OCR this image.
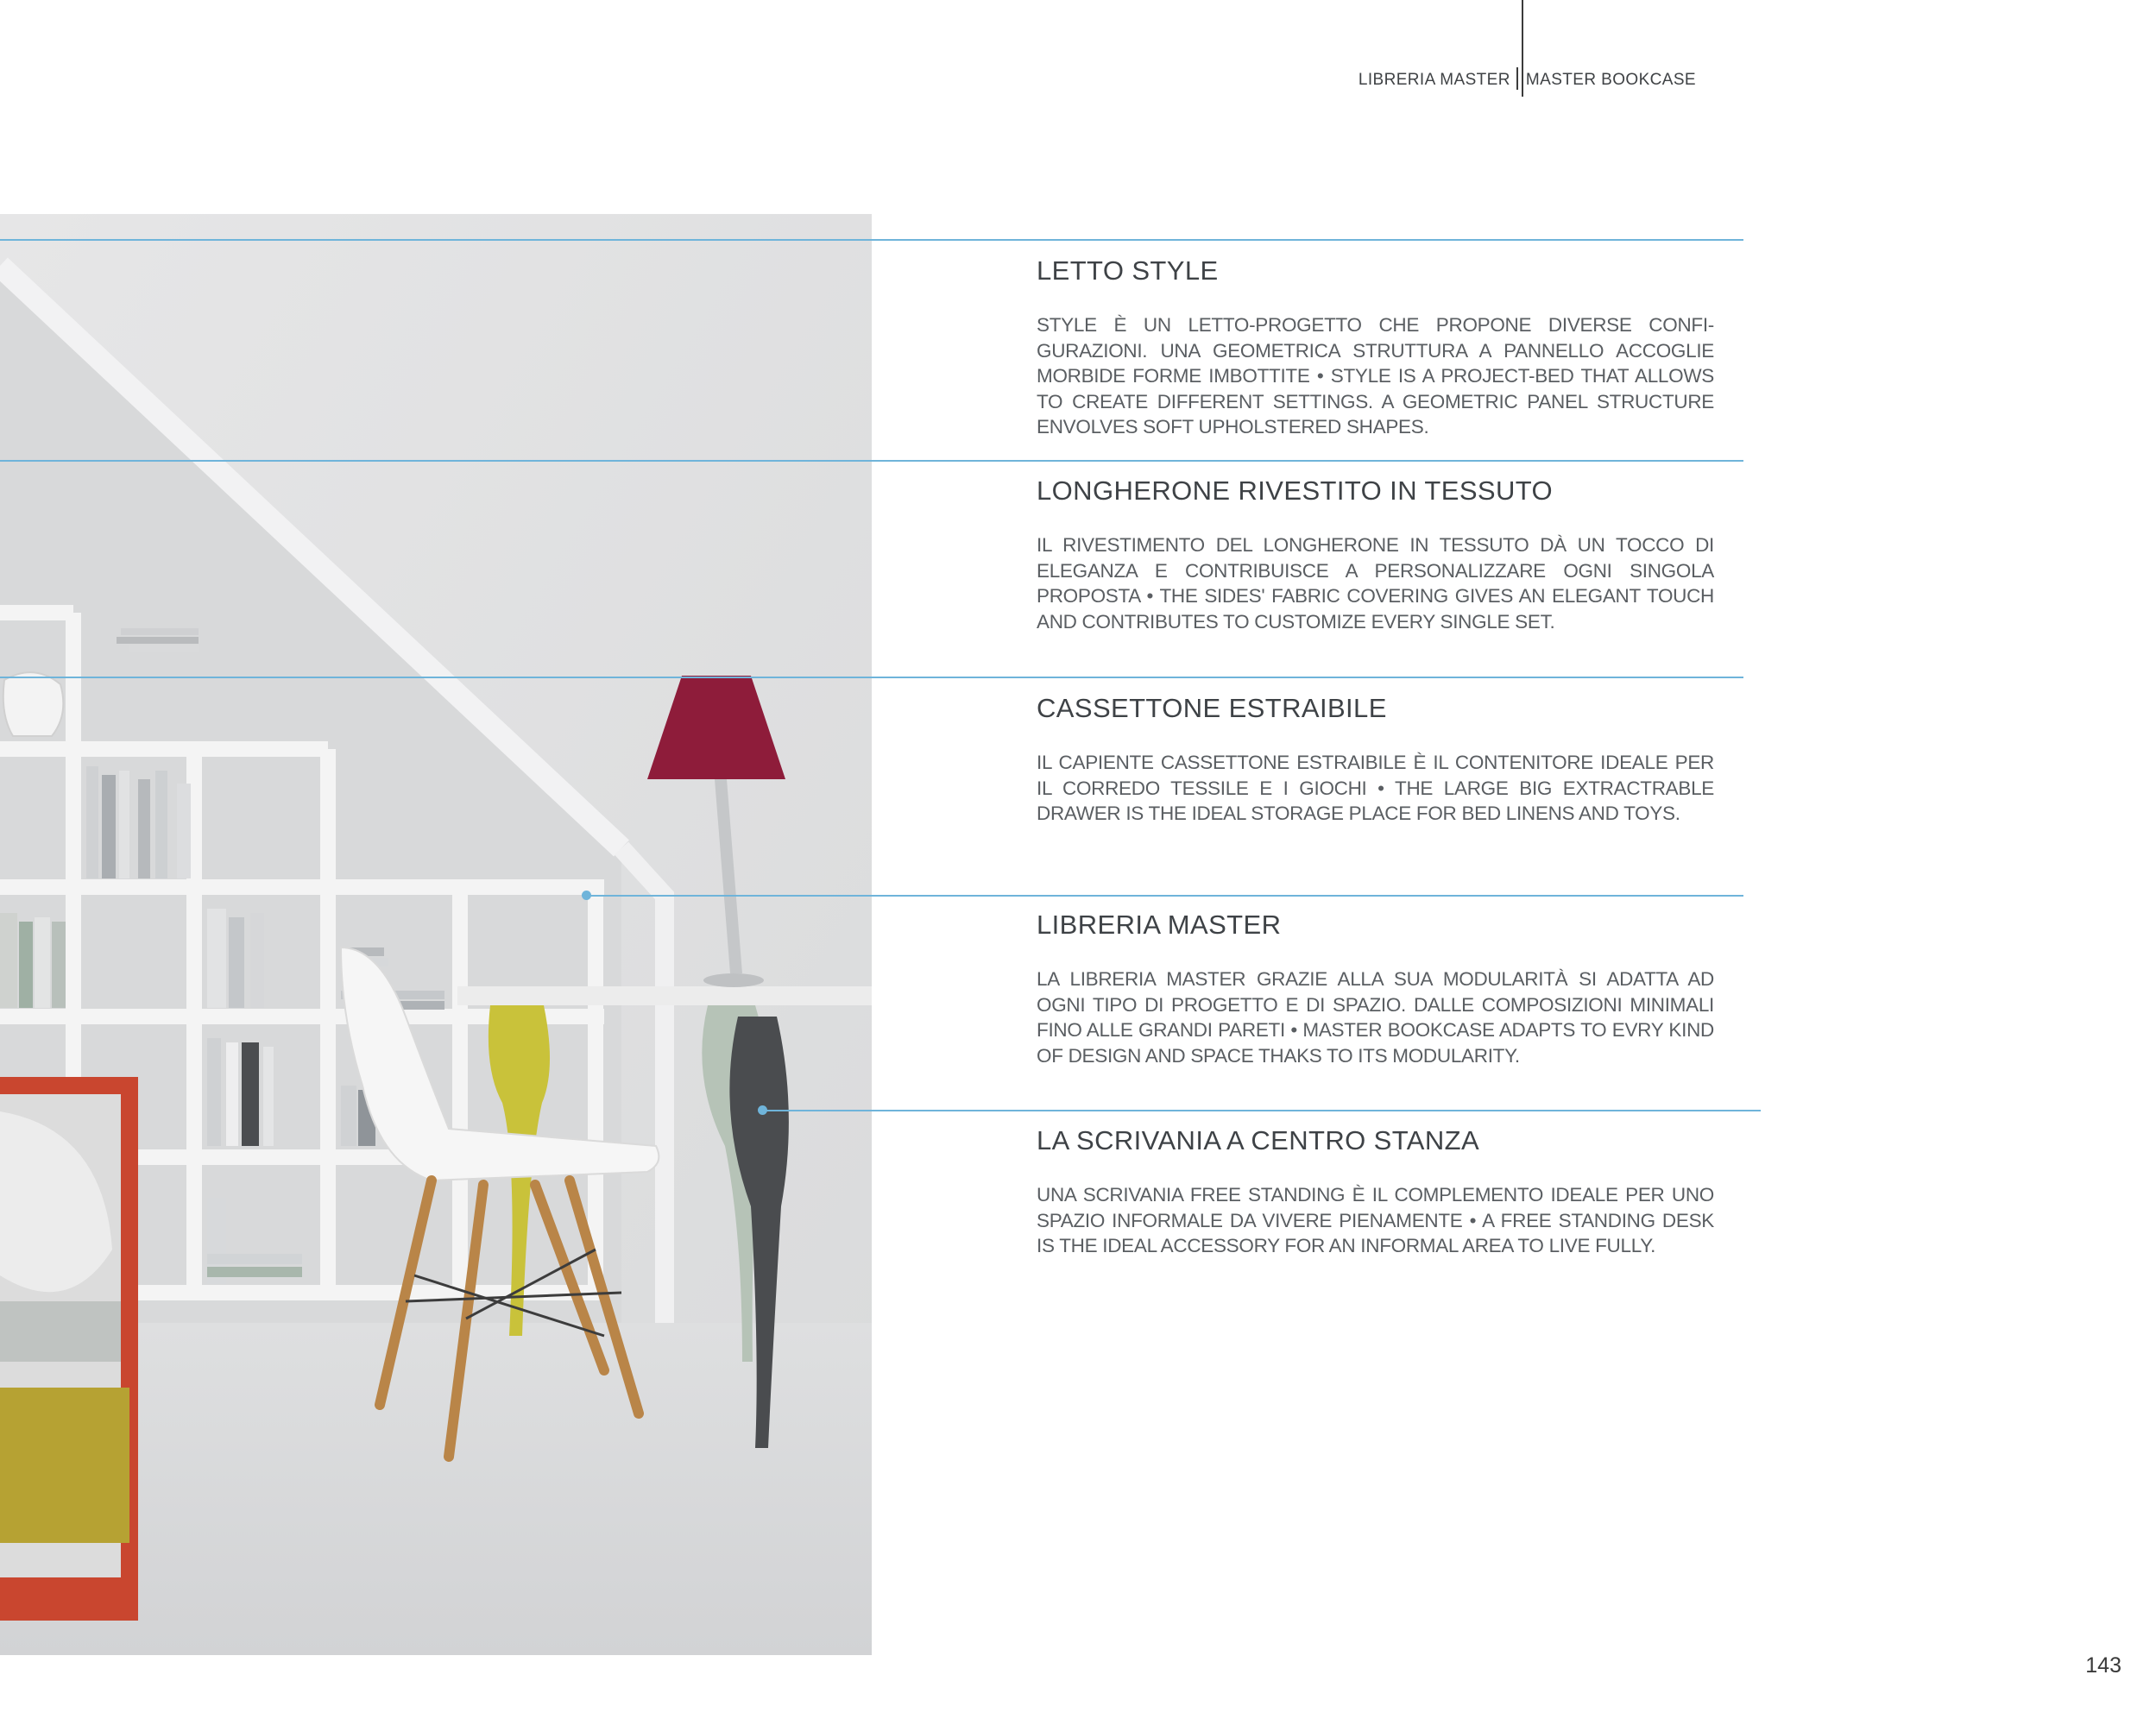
LIBRERIA MASTER MASTER BOOKCASE
LETTO STYLE

STYLE È UN LETTO-PROGETTO CHE PROPONE DIVERSE CONFI-GURAZIONI. UNA GEOMETRICA STRUTTURA A PANNELLO ACCOGLIE MORBIDE FORME IMBOTTITE • STYLE IS A PROJECT-BED THAT ALLOWS TO CREATE DIFFERENT SETTINGS. A GEOMETRIC PANEL STRUCTURE ENVOLVES SOFT UPHOLSTERED SHAPES.

LONGHERONE RIVESTITO IN TESSUTO

IL RIVESTIMENTO DEL LONGHERONE IN TESSUTO DÀ UN TOCCO DI ELEGANZA E CONTRIBUISCE A PERSONALIZZARE OGNI SINGOLA PROPOSTA • THE SIDES' FABRIC COVERING GIVES AN ELEGANT TOUCH AND CONTRIBUTES TO CUSTOMIZE EVERY SINGLE SET.

CASSETTONE ESTRAIBILE

IL CAPIENTE CASSETTONE ESTRAIBILE È IL CONTENITORE IDEALE PER IL CORREDO TESSILE E I GIOCHI • THE LARGE BIG EXTRACTRABLE DRAWER IS THE IDEAL STORAGE PLACE FOR BED LINENS AND TOYS.

LIBRERIA MASTER

LA LIBRERIA MASTER GRAZIE ALLA SUA MODULARITÀ SI ADATTA AD OGNI TIPO DI PROGETTO E DI SPAZIO. DALLE COMPOSIZIONI MINIMALI FINO ALLE GRANDI PARETI • MASTER BOOKCASE ADAPTS TO EVRY KIND OF DESIGN AND SPACE THAKS TO ITS MODULARITY.

LA SCRIVANIA A CENTRO STANZA

UNA SCRIVANIA FREE STANDING È IL COMPLEMENTO IDEALE PER UNO SPAZIO INFORMALE DA VIVERE PIENAMENTE • A FREE STANDING DESK IS THE IDEAL ACCESSORY FOR AN INFORMAL AREA TO LIVE FULLY.

143
